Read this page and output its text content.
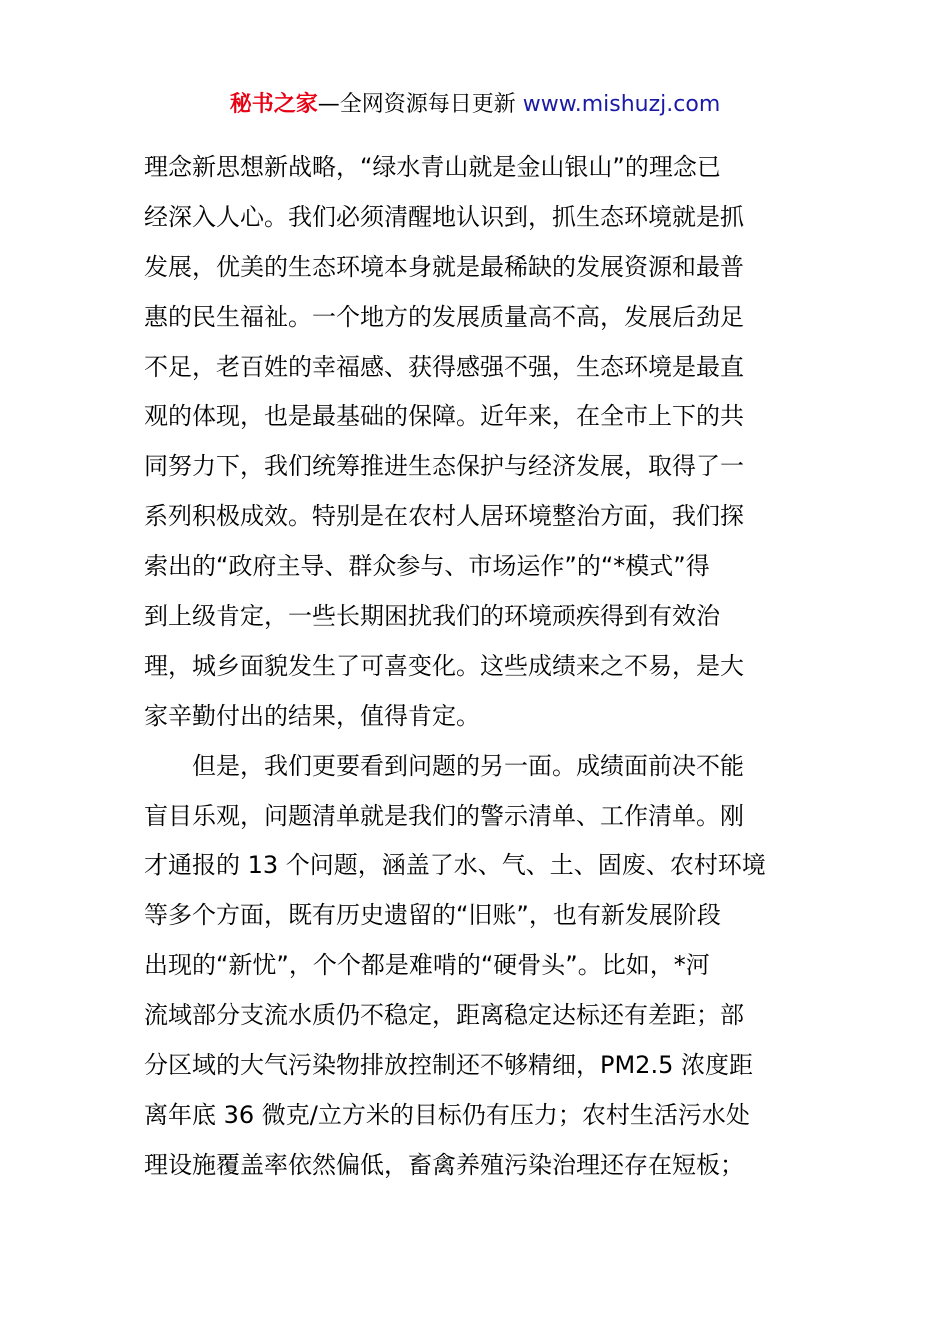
秘书之家—全网资源每日更新 www.mishuzj.com
理念新思想新战略，“绿水青山就是金山银山”的理念已
经深入人心。我们必须清醒地认识到，抓生态环境就是抓
发展，优美的生态环境本身就是最稀缺的发展资源和最普
惠的民生福祉。一个地方的发展质量高不高，发展后劲足
不足，老百姓的幸福感、获得感强不强，生态环境是最直
观的体现，也是最基础的保障。近年来，在全市上下的共
同努力下，我们统筹推进生态保护与经济发展，取得了一
系列积极成效。特别是在农村人居环境整治方面，我们探
索出的“政府主导、群众参与、市场运作”的“*模式”得
到上级肯定，一些长期困扰我们的环境顽疾得到有效治
理，城乡面貌发生了可喜变化。这些成绩来之不易，是大
家辛勤付出的结果，值得肯定。
　　但是，我们更要看到问题的另一面。成绩面前决不能
盲目乐观，问题清单就是我们的警示清单、工作清单。刚
才通报的 13 个问题，涵盖了水、气、土、固废、农村环境
等多个方面，既有历史遗留的“旧账”，也有新发展阶段
出现的“新忧”，个个都是难啃的“硬骨头”。比如，*河
流域部分支流水质仍不稳定，距离稳定达标还有差距；部
分区域的大气污染物排放控制还不够精细，PM2.5 浓度距
离年底 36 微克/立方米的目标仍有压力；农村生活污水处
理设施覆盖率依然偏低，畜禽养殖污染治理还存在短板；
